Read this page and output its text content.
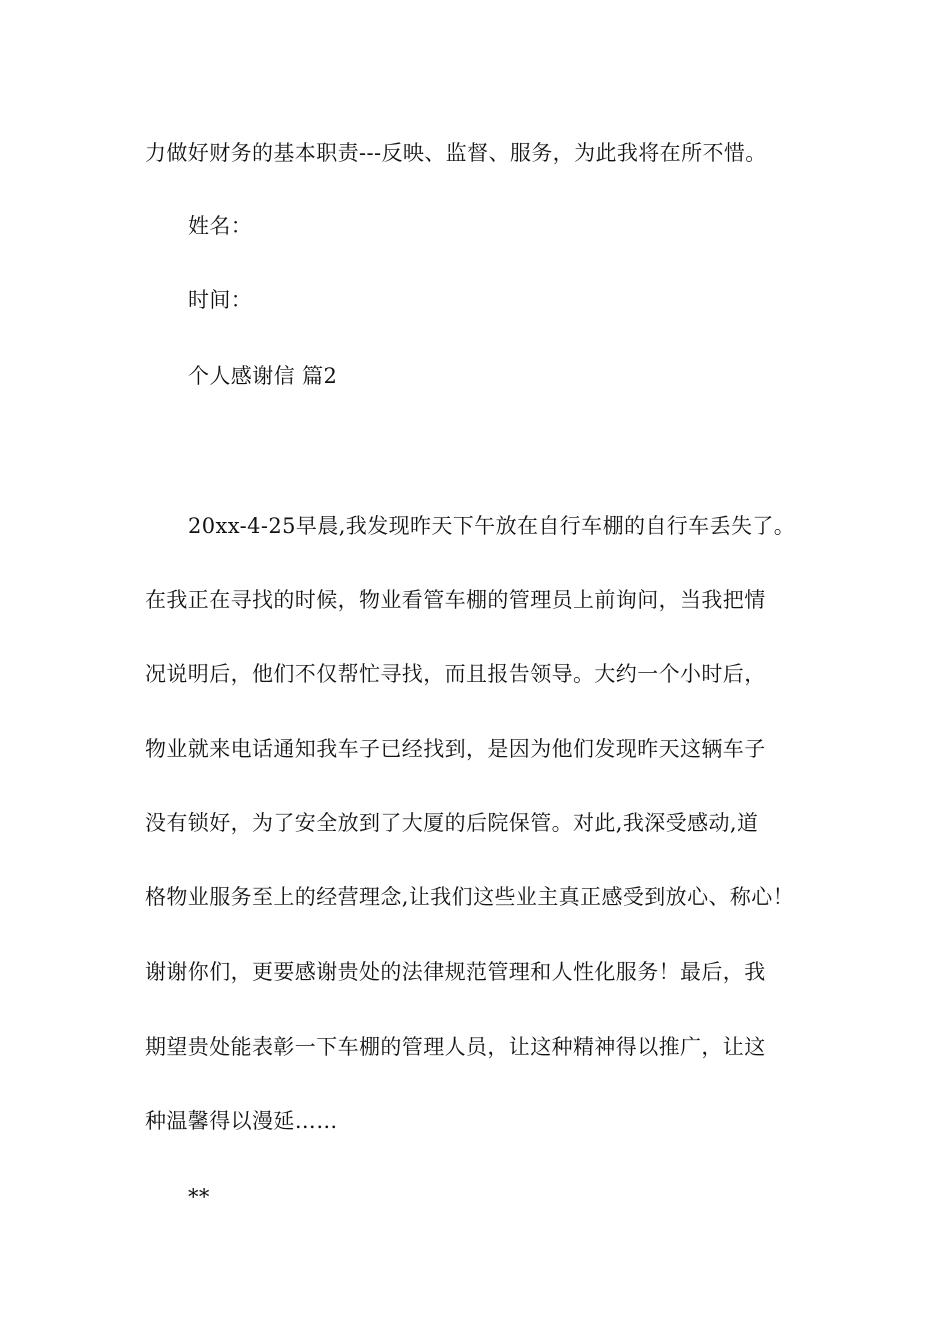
力做好财务的基本职责---反映、监督、服务，为此我将在所不惜。
姓名：
时间：
个人感谢信 篇2
20xx-4-25早晨,我发现昨天下午放在自行车棚的自行车丢失了。
在我正在寻找的时候，物业看管车棚的管理员上前询问，当我把情
况说明后，他们不仅帮忙寻找，而且报告领导。大约一个小时后，
物业就来电话通知我车子已经找到，是因为他们发现昨天这辆车子
没有锁好，为了安全放到了大厦的后院保管。对此,我深受感动,道
格物业服务至上的经营理念,让我们这些业主真正感受到放心、称心！
谢谢你们，更要感谢贵处的法律规范管理和人性化服务！最后，我
期望贵处能表彰一下车棚的管理人员，让这种精神得以推广，让这
种温馨得以漫延……
**
